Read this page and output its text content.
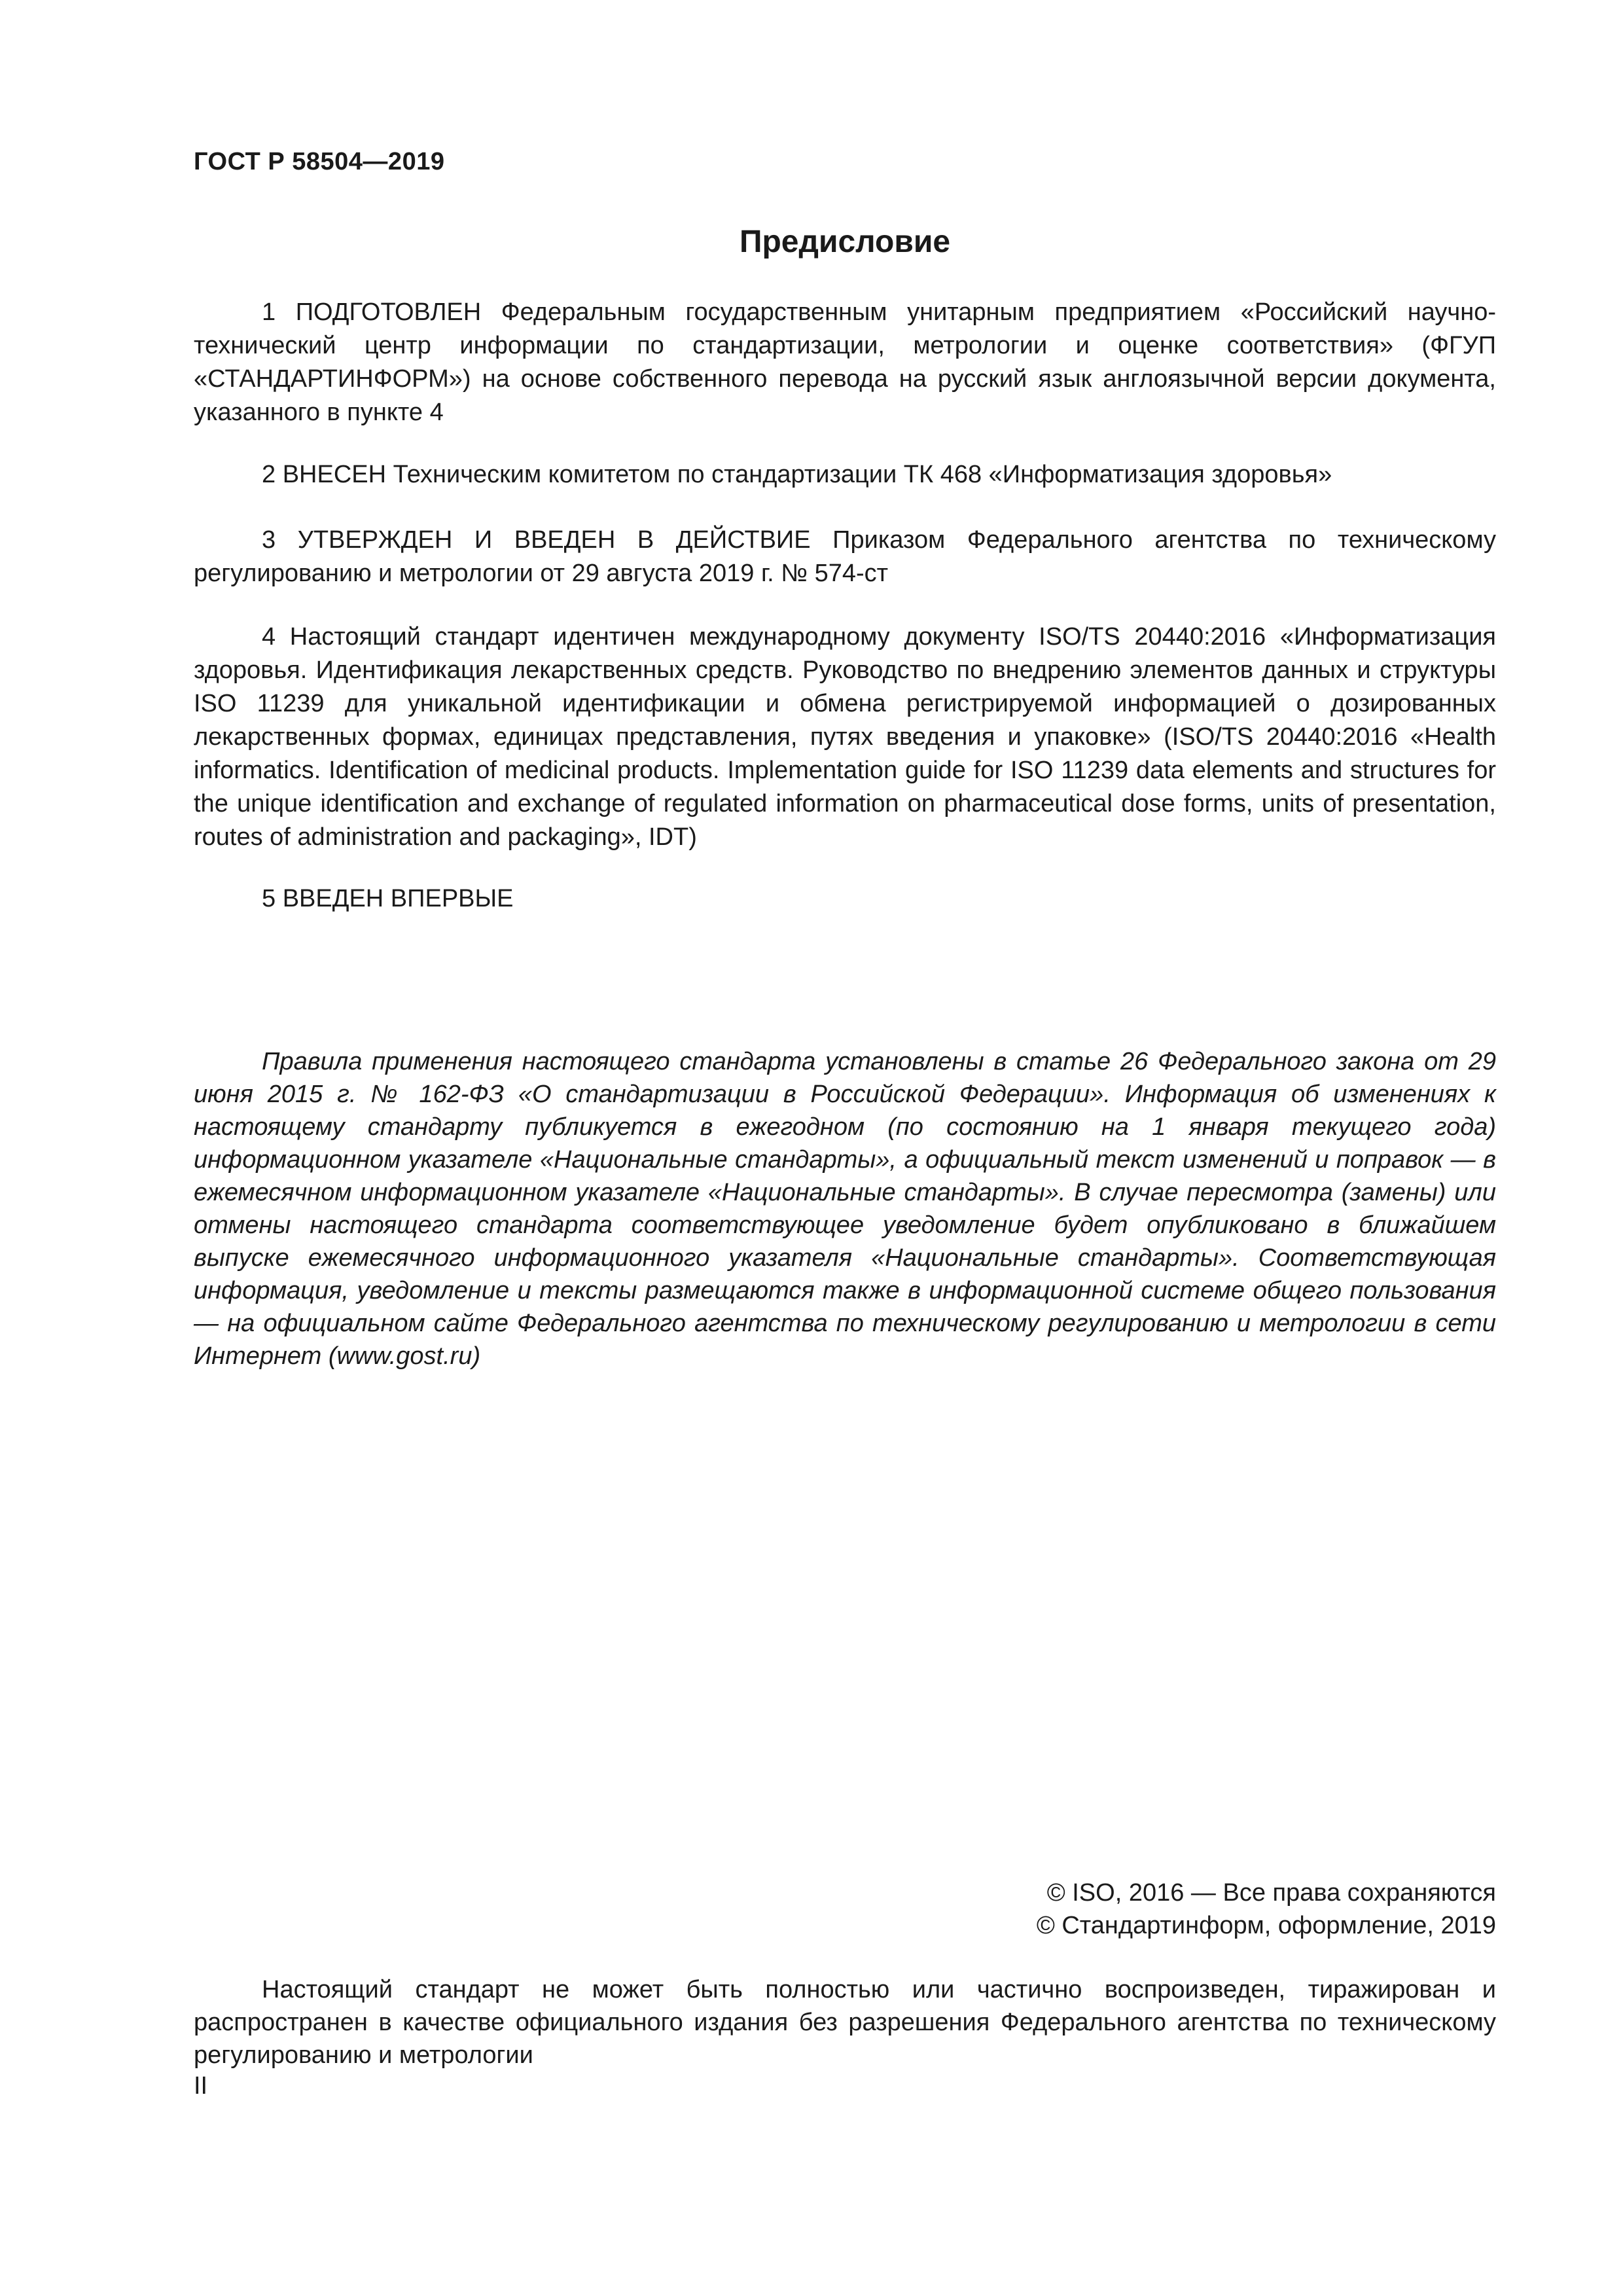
ГОСТ Р 58504—2019
Предисловие

1 ПОДГОТОВЛЕН Федеральным государственным унитарным предприятием «Российский научно-технический центр информации по стандартизации, метрологии и оценке соответствия» (ФГУП «СТАНДАРТИНФОРМ») на основе собственного перевода на русский язык англоязычной версии документа, указанного в пункте 4

2 ВНЕСЕН Техническим комитетом по стандартизации ТК 468 «Информатизация здоровья»

3 УТВЕРЖДЕН И ВВЕДЕН В ДЕЙСТВИЕ Приказом Федерального агентства по техническому регулированию и метрологии от 29 августа 2019 г. № 574-ст

4 Настоящий стандарт идентичен международному документу ISO/TS 20440:2016 «Информатизация здоровья. Идентификация лекарственных средств. Руководство по внедрению элементов данных и структуры ISO 11239 для уникальной идентификации и обмена регистрируемой информацией о дозированных лекарственных формах, единицах представления, путях введения и упаковке» (ISO/TS 20440:2016 «Health informatics. Identification of medicinal products. Implementation guide for ISO 11239 data elements and structures for the unique identification and exchange of regulated information on pharmaceutical dose forms, units of presentation, routes of administration and packaging», IDT)

5 ВВЕДЕН ВПЕРВЫЕ

Правила применения настоящего стандарта установлены в статье 26 Федерального закона от 29 июня 2015 г. № 162-ФЗ «О стандартизации в Российской Федерации». Информация об изменениях к настоящему стандарту публикуется в ежегодном (по состоянию на 1 января текущего года) информационном указателе «Национальные стандарты», а официальный текст изменений и поправок — в ежемесячном информационном указателе «Национальные стандарты». В случае пересмотра (замены) или отмены настоящего стандарта соответствующее уведомление будет опубликовано в ближайшем выпуске ежемесячного информационного указателя «Национальные стандарты». Соответствующая информация, уведомление и тексты размещаются также в информационной системе общего пользования — на официальном сайте Федерального агентства по техническому регулированию и метрологии в сети Интернет (www.gost.ru)

© ISO, 2016 — Все права сохраняются
© Стандартинформ, оформление, 2019

Настоящий стандарт не может быть полностью или частично воспроизведен, тиражирован и распространен в качестве официального издания без разрешения Федерального агентства по техническому регулированию и метрологии

II
